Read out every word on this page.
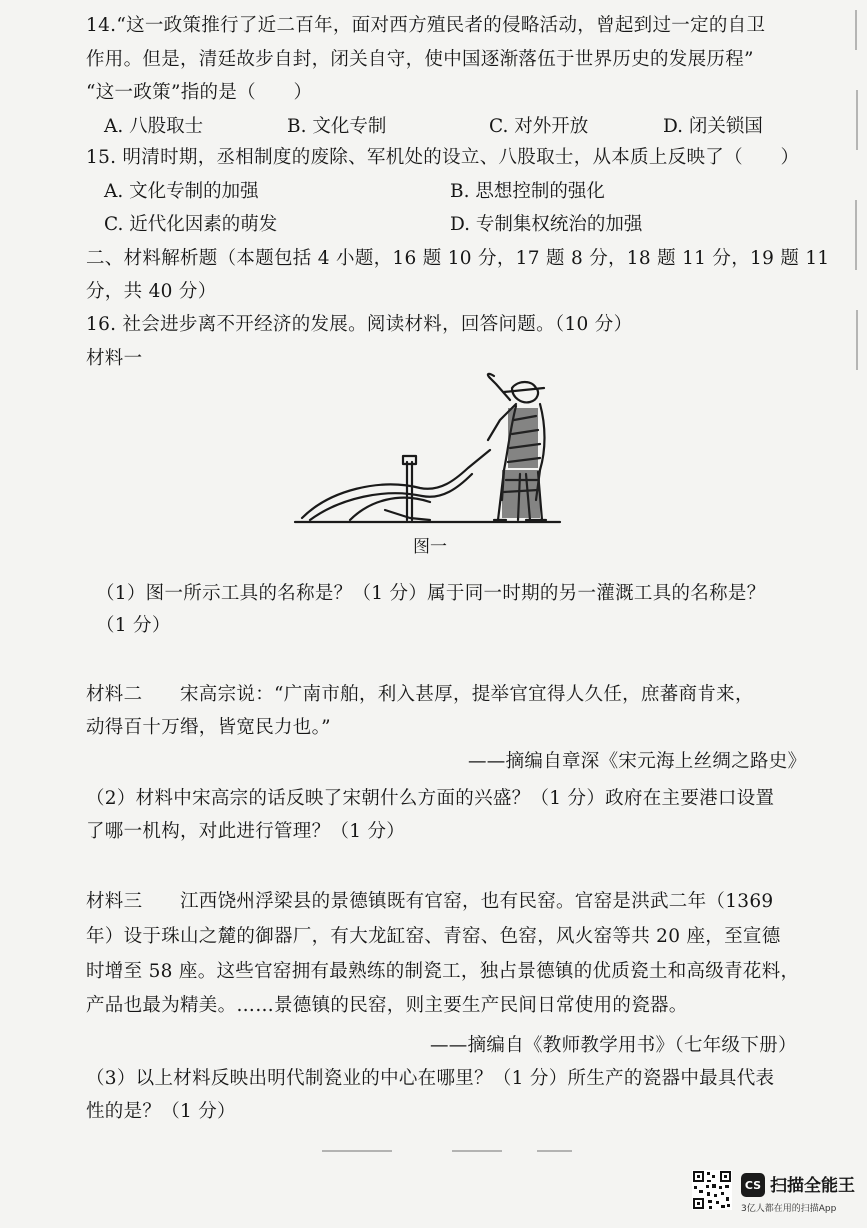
14.“这一政策推行了近二百年，面对西方殖民者的侵略活动，曾起到过一定的自卫
作用。但是，清廷故步自封，闭关自守，使中国逐渐落伍于世界历史的发展历程”
“这一政策”指的是（　　）
A. 八股取士	B. 文化专制	C. 对外开放	D. 闭关锁国
15. 明清时期，丞相制度的废除、军机处的设立、八股取士，从本质上反映了（　　）
A. 文化专制的加强	B. 思想控制的强化
C. 近代化因素的萌发	D. 专制集权统治的加强
二、材料解析题（本题包括 4 小题，16 题 10 分，17 题 8 分，18 题 11 分，19 题 11
分，共 40 分）
16. 社会进步离不开经济的发展。阅读材料，回答问题。（10 分）
材料一
图一
（1）图一所示工具的名称是？（1 分）属于同一时期的另一灌溉工具的名称是？
（1 分）
材料二　　宋高宗说：“广南市舶，利入甚厚，提举官宜得人久任，庶蕃商肯来，
动得百十万缗，皆宽民力也。”
——摘编自章深《宋元海上丝绸之路史》
（2）材料中宋高宗的话反映了宋朝什么方面的兴盛？（1 分）政府在主要港口设置
了哪一机构，对此进行管理？（1 分）
材料三　　江西饶州浮梁县的景德镇既有官窑，也有民窑。官窑是洪武二年（1369
年）设于珠山之麓的御器厂，有大龙缸窑、青窑、色窑，风火窑等共 20 座，至宣德
时增至 58 座。这些官窑拥有最熟练的制瓷工，独占景德镇的优质瓷土和高级青花料，
产品也最为精美。……景德镇的民窑，则主要生产民间日常使用的瓷器。
——摘编自《教师教学用书》（七年级下册）
（3）以上材料反映出明代制瓷业的中心在哪里？（1 分）所生产的瓷器中最具代表
性的是？（1 分）
CS 扫描全能王
3亿人都在用的扫描App
